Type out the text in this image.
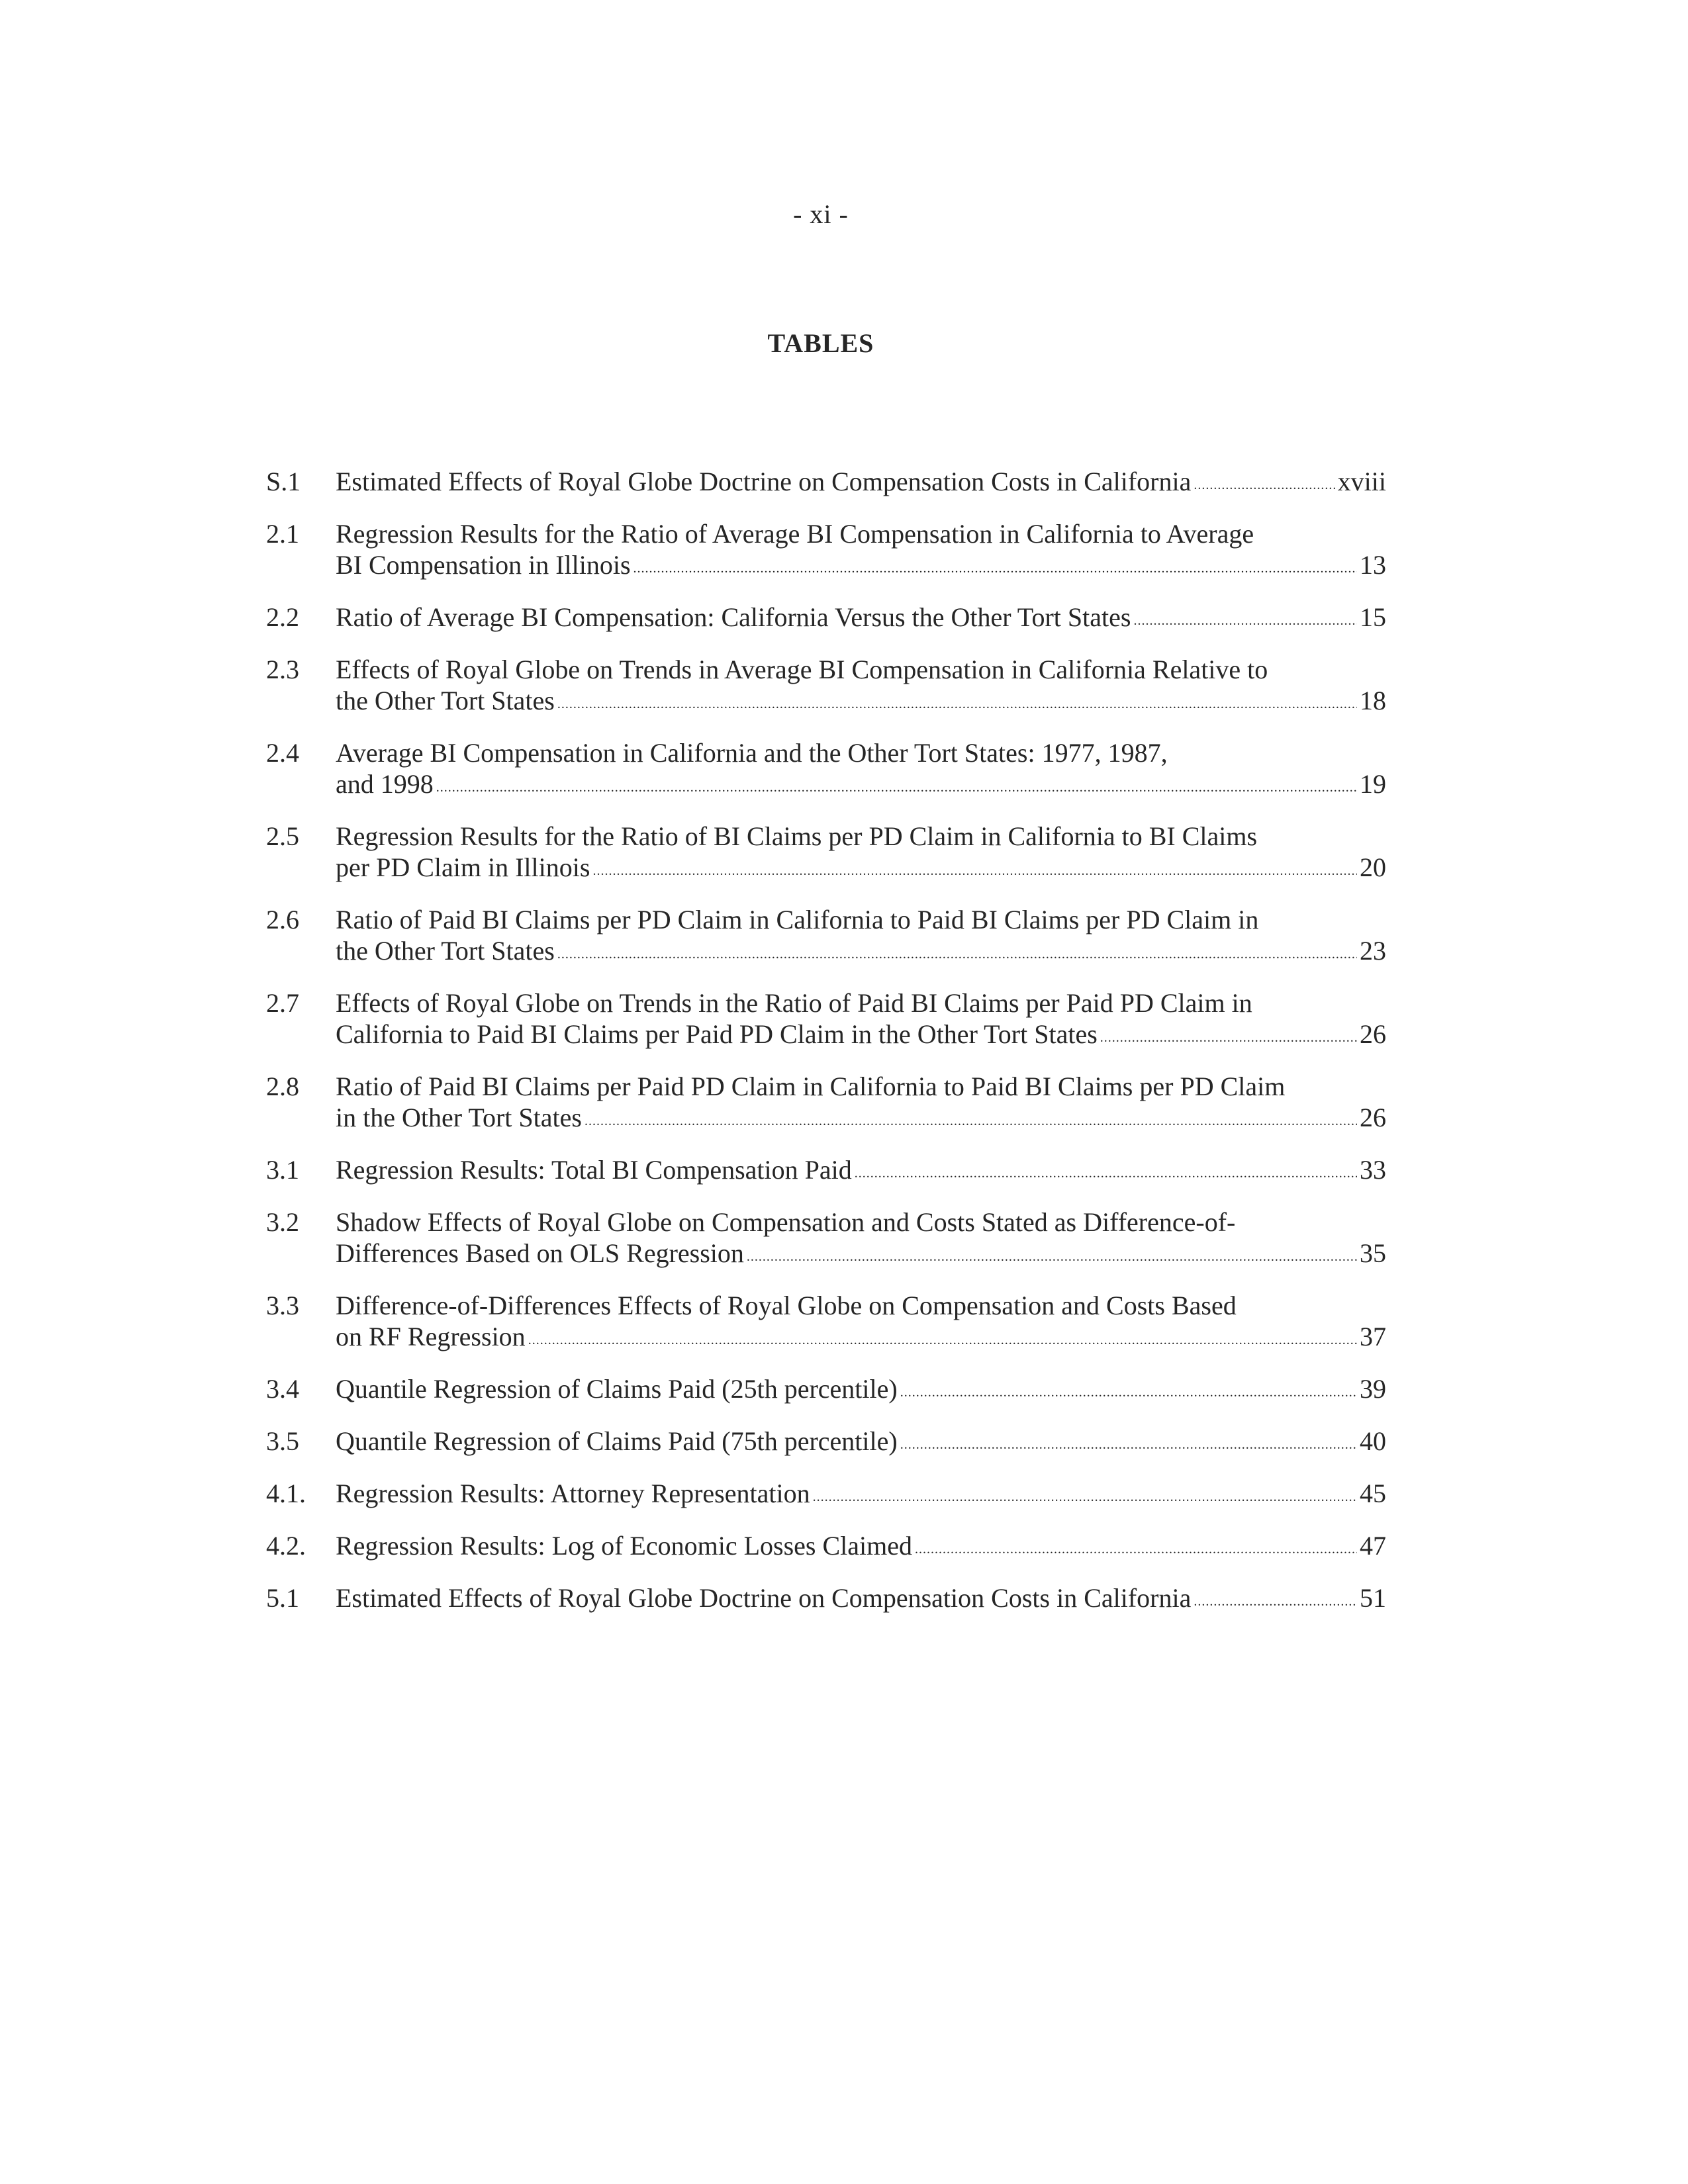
- xi -
TABLES
S.1	Estimated Effects of Royal Globe Doctrine on Compensation Costs in California .....	xviii
2.1	Regression Results for the Ratio of Average BI Compensation in California to Average
BI Compensation in Illinois .....	13
2.2	Ratio of Average BI Compensation: California Versus the Other Tort States .....	15
2.3	Effects of Royal Globe on Trends in Average BI Compensation in California Relative to
the Other Tort States .....	18
2.4	Average BI Compensation in California and the Other Tort States: 1977, 1987,
and 1998 .....	19
2.5	Regression Results for the Ratio of BI Claims per PD Claim in California to BI Claims
per PD Claim in Illinois .....	20
2.6	Ratio of Paid BI Claims per PD Claim in California to Paid BI Claims per PD Claim in
the Other Tort States .....	23
2.7	Effects of Royal Globe on Trends in the Ratio of Paid BI Claims per Paid PD Claim in
California to Paid BI Claims per Paid PD Claim in the Other Tort States .....	26
2.8	Ratio of Paid BI Claims per Paid PD Claim in California to Paid BI Claims per PD Claim
in the Other Tort States .....	26
3.1	Regression Results: Total BI Compensation Paid .....	33
3.2	Shadow Effects of Royal Globe on Compensation and Costs Stated as Difference-of-
Differences Based on OLS Regression .....	35
3.3	Difference-of-Differences Effects of Royal Globe on Compensation and Costs Based
on RF Regression .....	37
3.4	Quantile Regression of Claims Paid (25th percentile) .....	39
3.5	Quantile Regression of Claims Paid (75th percentile) .....	40
4.1.	Regression Results: Attorney Representation .....	45
4.2.	Regression Results: Log of Economic Losses Claimed .....	47
5.1	Estimated Effects of Royal Globe Doctrine on Compensation Costs in California .....	51
